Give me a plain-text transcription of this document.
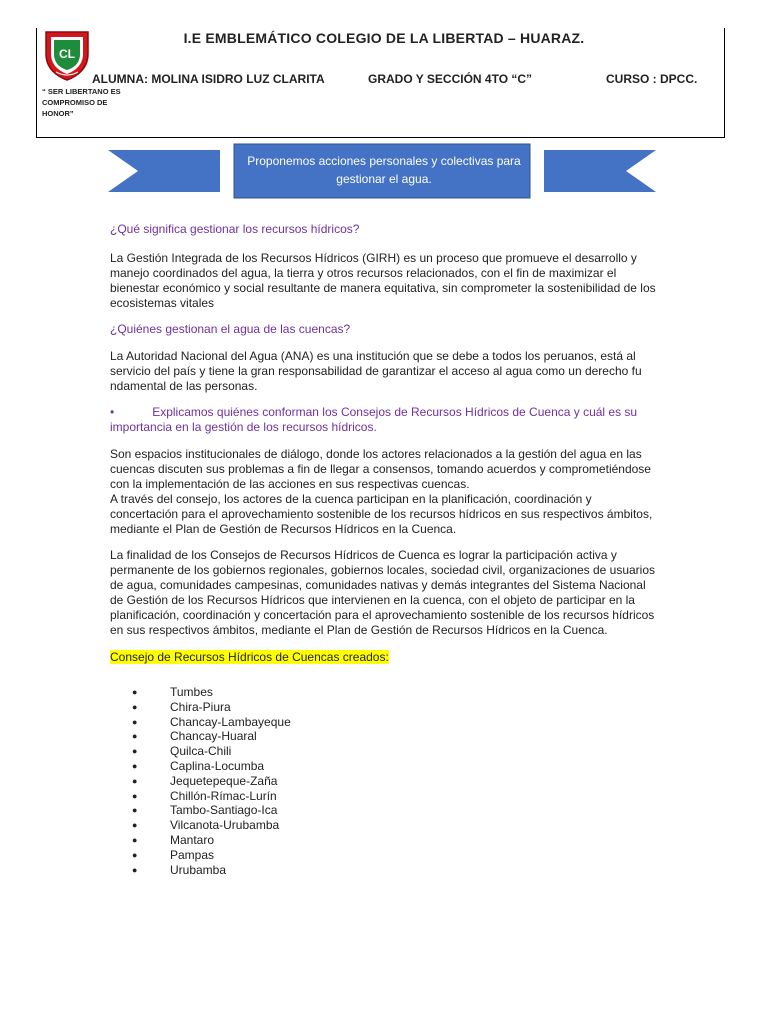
CL
I.E EMBLEMÁTICO COLEGIO DE LA LIBERTAD – HUARAZ.
ALUMNA: MOLINA ISIDRO LUZ CLARITA	GRADO Y SECCIÓN 4TO “C”	CURSO : DPCC.
“ SER LIBERTANO ES COMPROMISO DE HONOR”
Proponemos acciones personales y colectivas para gestionar el agua.

¿Qué significa gestionar los recursos hídricos?

La Gestión Integrada de los Recursos Hídricos (GIRH) es un proceso que promueve el desarrollo y manejo coordinados del agua, la tierra y otros recursos relacionados, con el fin de maximizar el bienestar económico y social resultante de manera equitativa, sin comprometer la sostenibilidad de los ecosistemas vitales

¿Quiénes gestionan el agua de las cuencas?

La Autoridad Nacional del Agua (ANA) es una institución que se debe a todos los peruanos, está al servicio del país y tiene la gran responsabilidad de garantizar el acceso al agua como un derecho fu ndamental de las personas.

•	Explicamos quiénes conforman los Consejos de Recursos Hídricos de Cuenca y cuál es su importancia en la gestión de los recursos hídricos.

Son espacios institucionales de diálogo, donde los actores relacionados a la gestión del agua en las cuencas discuten sus problemas a fin de llegar a consensos, tomando acuerdos y comprometiéndose con la implementación de las acciones en sus respectivas cuencas.

A través del consejo, los actores de la cuenca participan en la planificación, coordinación y concertación para el aprovechamiento sostenible de los recursos hídricos en sus respectivos ámbitos, mediante el Plan de Gestión de Recursos Hídricos en la Cuenca.

La finalidad de los Consejos de Recursos Hídricos de Cuenca es lograr la participación activa y permanente de los gobiernos regionales, gobiernos locales, sociedad civil, organizaciones de usuarios de agua, comunidades campesinas, comunidades nativas y demás integrantes del Sistema Nacional de Gestión de los Recursos Hídricos que intervienen en la cuenca, con el objeto de participar en la planificación, coordinación y concertación para el aprovechamiento sostenible de los recursos hídricos en sus respectivos ámbitos, mediante el Plan de Gestión de Recursos Hídricos en la Cuenca.

Consejo de Recursos Hídricos de Cuencas creados:

●	Tumbes
●	Chira-Piura
●	Chancay-Lambayeque
●	Chancay-Huaral
●	Quilca-Chili
●	Caplina-Locumba
●	Jequetepeque-Zaña
●	Chillón-Rímac-Lurín
●	Tambo-Santiago-Ica
●	Vilcanota-Urubamba
●	Mantaro
●	Pampas
●	Urubamba
